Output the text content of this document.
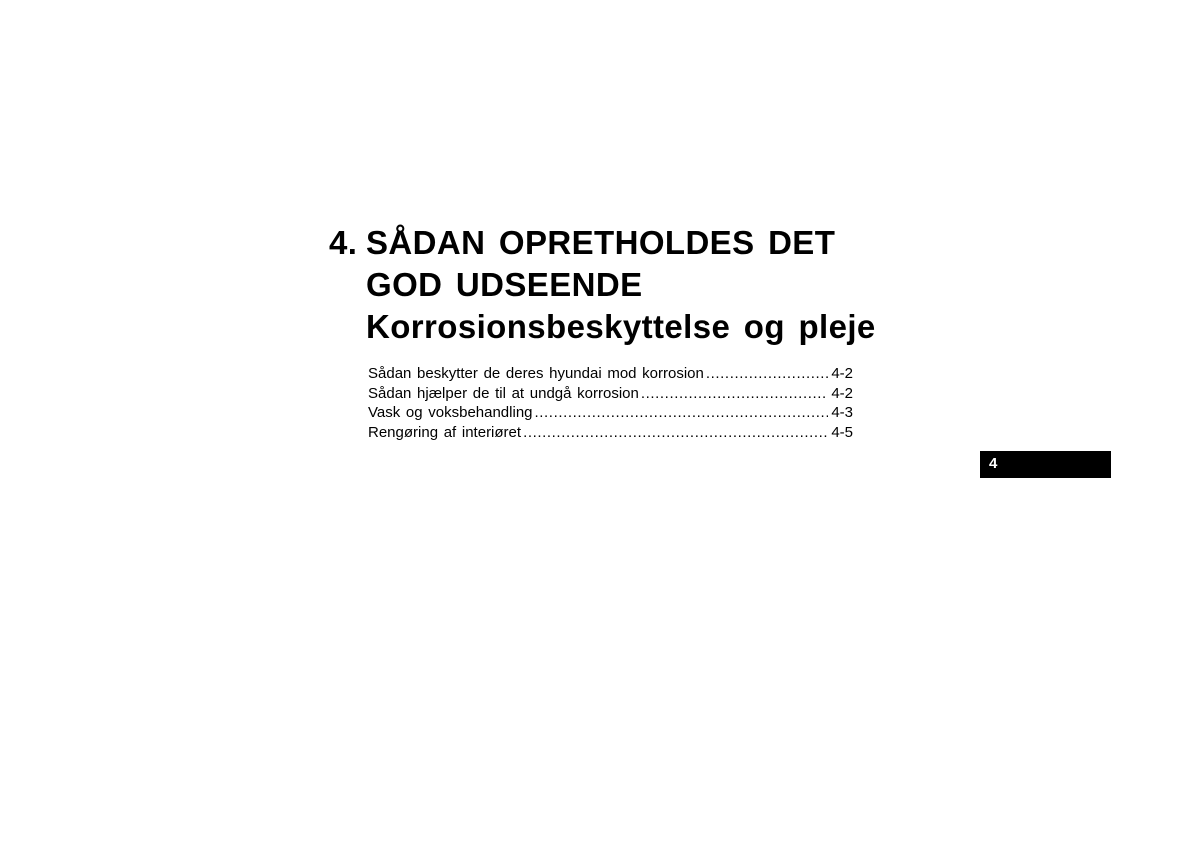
4. SÅDAN OPRETHOLDES DET
GOD UDSEENDE
Korrosionsbeskyttelse og pleje
Sådan beskytter de deres hyundai mod korrosion .....	4-2
Sådan hjælper de til at undgå korrosion .....	4-2
Vask og voksbehandling .....	4-3
Rengøring af interiøret .....	4-5
4
